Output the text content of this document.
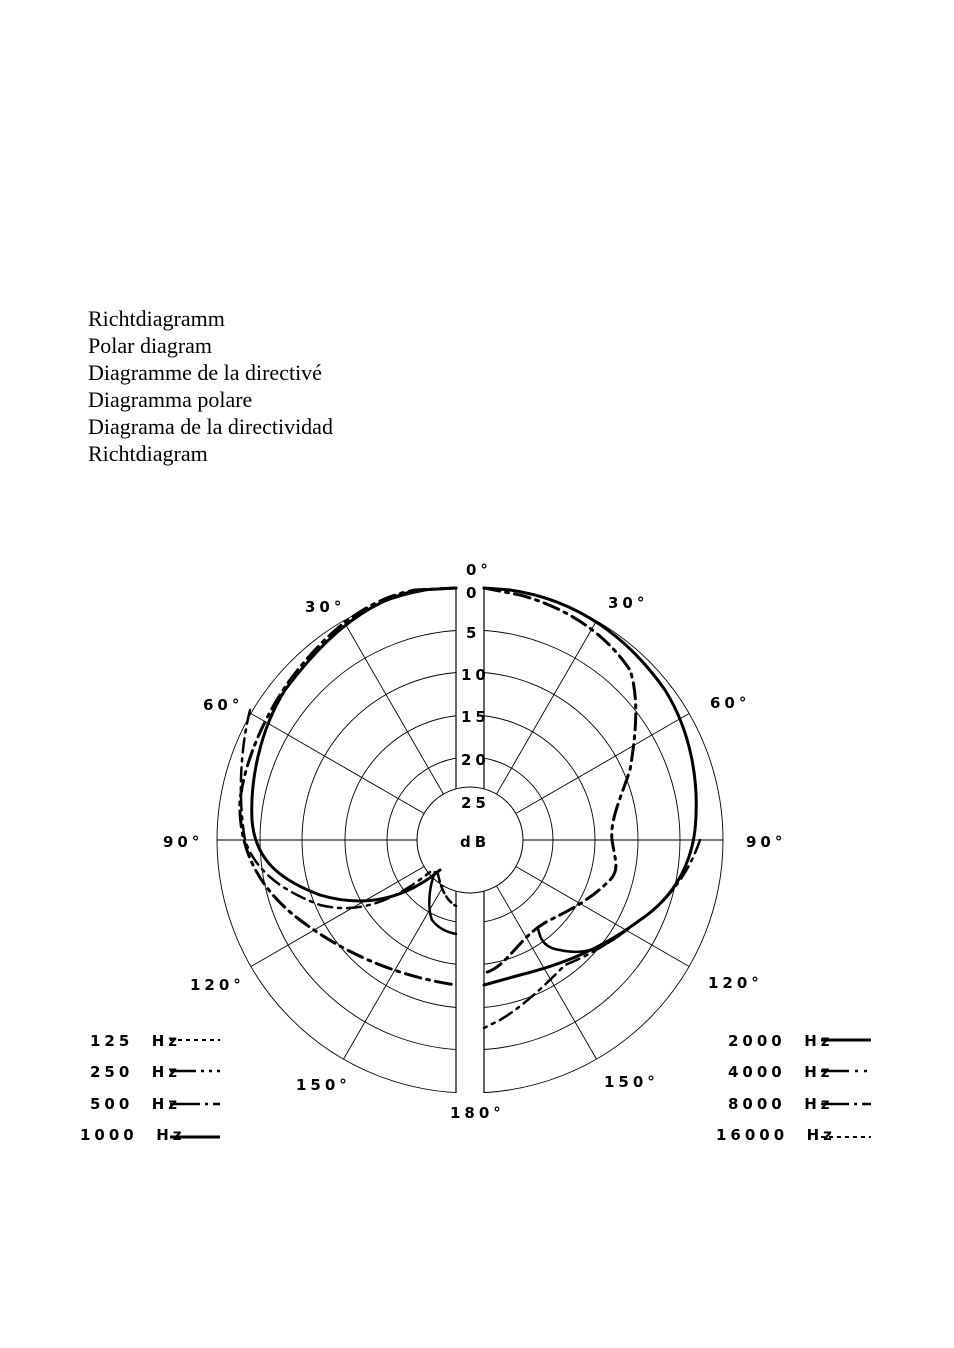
Richtdiagramm
Polar diagram
Diagramme de la directivé
Diagramma polare
Diagrama de la directividad
Richtdiagram
0°
30°	30°
60°	60°
90°	90°
120°	120°
150°	150°
180°
0
5
10
15
20
25
dB
125  Hz
250  Hz
500  Hz
1000  Hz
2000  Hz
4000  Hz
8000  Hz
16000  Hz
